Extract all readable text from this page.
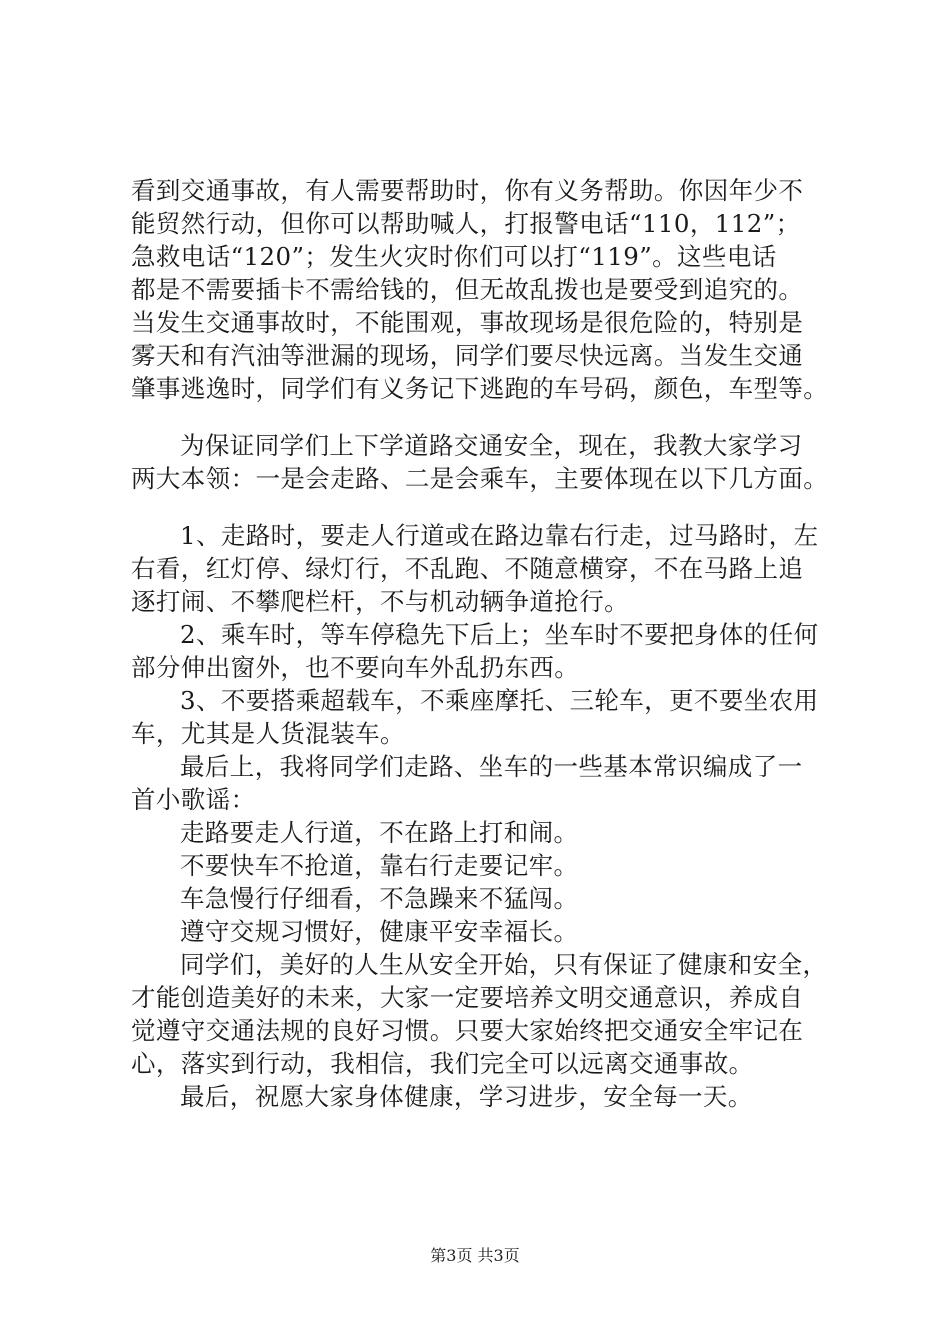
看到交通事故，有人需要帮助时，你有义务帮助。你因年少不
能贸然行动，但你可以帮助喊人，打报警电话“110，112”；
急救电话“120”；发生火灾时你们可以打“119”。这些电话
都是不需要插卡不需给钱的，但无故乱拨也是要受到追究的。
当发生交通事故时，不能围观，事故现场是很危险的，特别是
雾天和有汽油等泄漏的现场，同学们要尽快远离。当发生交通
肇事逃逸时，同学们有义务记下逃跑的车号码，颜色，车型等。
为保证同学们上下学道路交通安全，现在，我教大家学习
两大本领：一是会走路、二是会乘车，主要体现在以下几方面。
1、走路时，要走人行道或在路边靠右行走，过马路时，左
右看，红灯停、绿灯行，不乱跑、不随意横穿，不在马路上追
逐打闹、不攀爬栏杆，不与机动辆争道抢行。
2、乘车时，等车停稳先下后上；坐车时不要把身体的任何
部分伸出窗外，也不要向车外乱扔东西。
3、不要搭乘超载车，不乘座摩托、三轮车，更不要坐农用
车，尤其是人货混装车。
最后上，我将同学们走路、坐车的一些基本常识编成了一
首小歌谣：
走路要走人行道，不在路上打和闹。
不要快车不抢道，靠右行走要记牢。
车急慢行仔细看，不急躁来不猛闯。
遵守交规习惯好，健康平安幸福长。
同学们，美好的人生从安全开始，只有保证了健康和安全，
才能创造美好的未来，大家一定要培养文明交通意识，养成自
觉遵守交通法规的良好习惯。只要大家始终把交通安全牢记在
心，落实到行动，我相信，我们完全可以远离交通事故。
最后，祝愿大家身体健康，学习进步，安全每一天。
第3页 共3页
